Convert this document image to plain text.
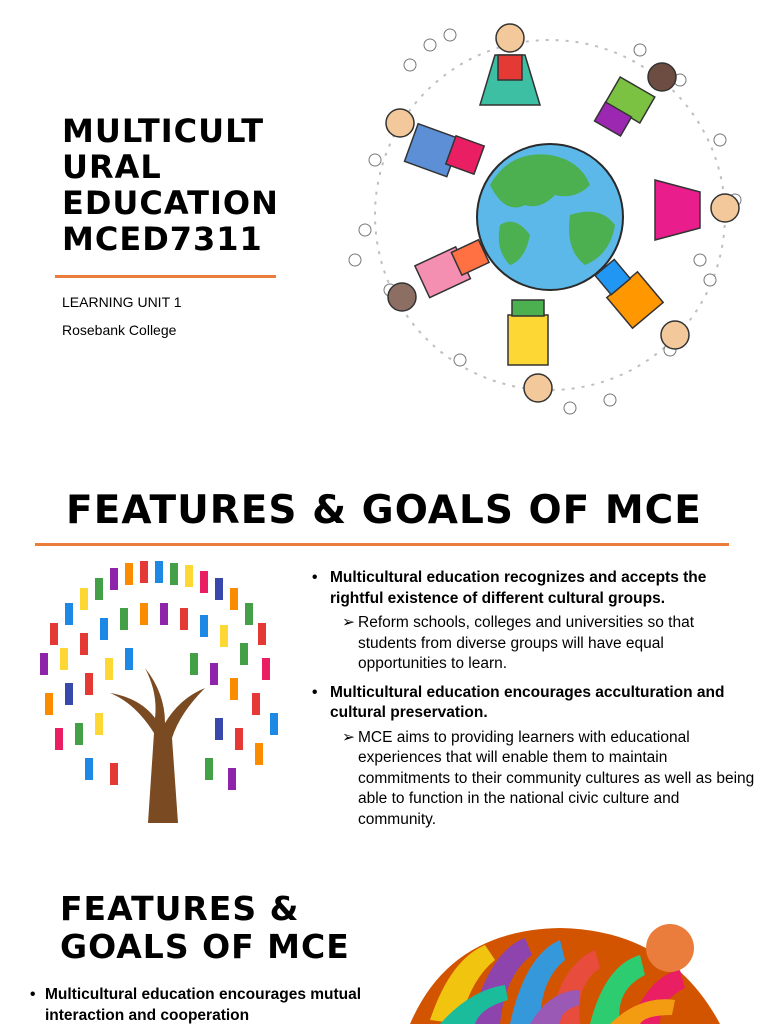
MULTICULT
URAL
EDUCATION
MCED7311
LEARNING UNIT 1
Rosebank College
FEATURES & GOALS OF MCE
• Multicultural education recognizes and accepts the rightful existence of different cultural groups.
➢ Reform schools, colleges and universities so that students from diverse groups will have equal opportunities to learn.
• Multicultural education encourages acculturation and cultural preservation.
➢ MCE aims to providing learners with educational experiences that will enable them to maintain commitments to their community cultures as well as being able to function in the national civic culture and community.
FEATURES &
GOALS OF MCE
• Multicultural education encourages mutual interaction and cooperation
